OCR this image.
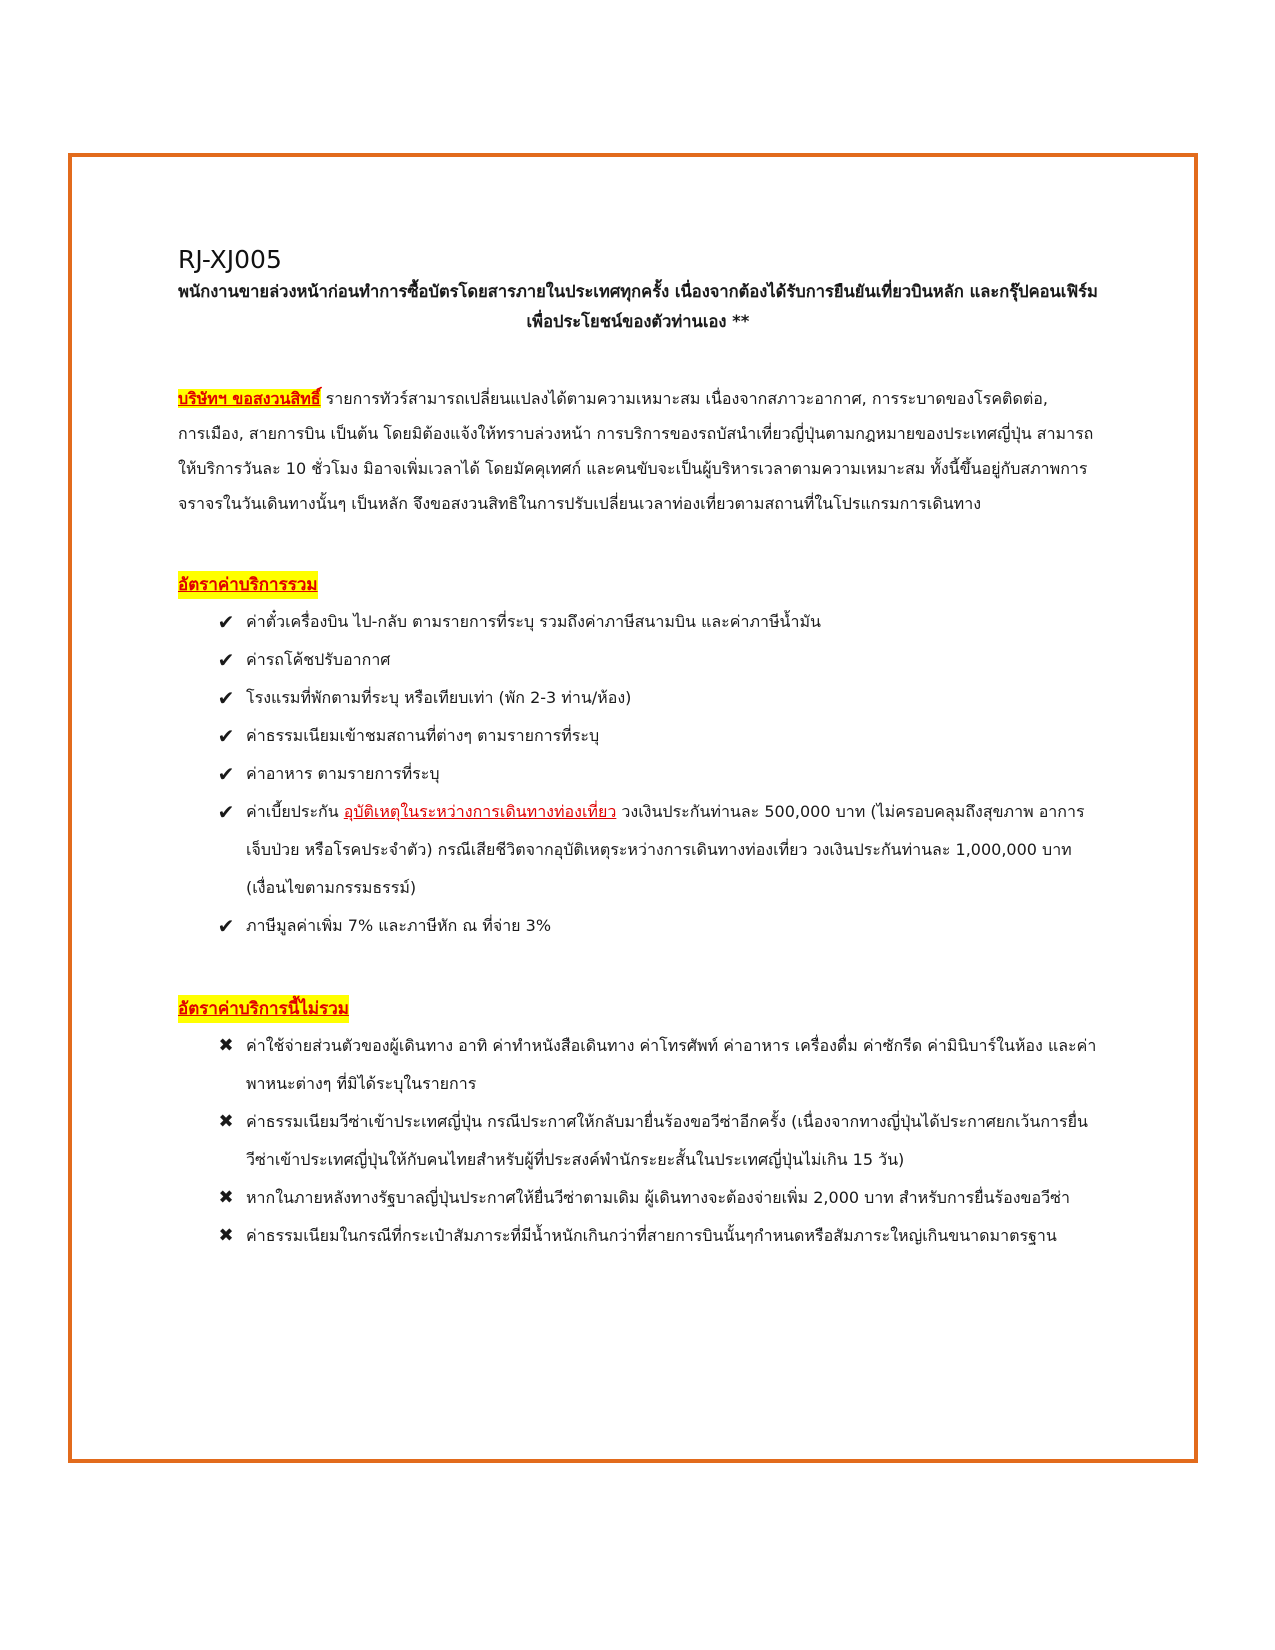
RJ-XJ005

พนักงานขายล่วงหน้าก่อนทำการซื้อบัตรโดยสารภายในประเทศทุกครั้ง เนื่องจากต้องได้รับการยืนยันเที่ยวบินหลัก และกรุ๊ปคอนเฟิร์ม เพื่อประโยชน์ของตัวท่านเอง **

บริษัทฯ ขอสงวนสิทธิ์ รายการทัวร์สามารถเปลี่ยนแปลงได้ตามความเหมาะสม เนื่องจากสภาวะอากาศ, การระบาดของโรคติดต่อ, การเมือง, สายการบิน เป็นต้น โดยมิต้องแจ้งให้ทราบล่วงหน้า การบริการของรถบัสนำเที่ยวญี่ปุ่นตามกฎหมายของประเทศญี่ปุ่น สามารถให้บริการวันละ 10 ชั่วโมง มิอาจเพิ่มเวลาได้ โดยมัคคุเทศก์ และคนขับจะเป็นผู้บริหารเวลาตามความเหมาะสม ทั้งนี้ขึ้นอยู่กับสภาพการจราจรในวันเดินทางนั้นๆ เป็นหลัก จึงขอสงวนสิทธิในการปรับเปลี่ยนเวลาท่องเที่ยวตามสถานที่ในโปรแกรมการเดินทาง

อัตราค่าบริการรวม
✔ ค่าตั๋วเครื่องบิน ไป-กลับ ตามรายการที่ระบุ รวมถึงค่าภาษีสนามบิน และค่าภาษีน้ำมัน
✔ ค่ารถโค้ชปรับอากาศ
✔ โรงแรมที่พักตามที่ระบุ หรือเทียบเท่า (พัก 2-3 ท่าน/ห้อง)
✔ ค่าธรรมเนียมเข้าชมสถานที่ต่างๆ ตามรายการที่ระบุ
✔ ค่าอาหาร ตามรายการที่ระบุ
✔ ค่าเบี้ยประกัน อุบัติเหตุในระหว่างการเดินทางท่องเที่ยว วงเงินประกันท่านละ 500,000 บาท (ไม่ครอบคลุมถึงสุขภาพ อาการเจ็บป่วย หรือโรคประจำตัว) กรณีเสียชีวิตจากอุบัติเหตุระหว่างการเดินทางท่องเที่ยว วงเงินประกันท่านละ 1,000,000 บาท (เงื่อนไขตามกรรมธรรม์)
✔ ภาษีมูลค่าเพิ่ม 7% และภาษีหัก ณ ที่จ่าย 3%
อัตราค่าบริการนี้ไม่รวม
✖ ค่าใช้จ่ายส่วนตัวของผู้เดินทาง อาทิ ค่าทำหนังสือเดินทาง ค่าโทรศัพท์ ค่าอาหาร เครื่องดื่ม ค่าซักรีด ค่ามินิบาร์ในห้อง และค่าพาหนะต่างๆ ที่มิได้ระบุในรายการ
✖ ค่าธรรมเนียมวีซ่าเข้าประเทศญี่ปุ่น กรณีประกาศให้กลับมายื่นร้องขอวีซ่าอีกครั้ง (เนื่องจากทางญี่ปุ่นได้ประกาศยกเว้นการยื่นวีซ่าเข้าประเทศญี่ปุ่นให้กับคนไทยสำหรับผู้ที่ประสงค์พำนักระยะสั้นในประเทศญี่ปุ่นไม่เกิน 15 วัน)
✖ หากในภายหลังทางรัฐบาลญี่ปุ่นประกาศให้ยื่นวีซ่าตามเดิม ผู้เดินทางจะต้องจ่ายเพิ่ม 2,000 บาท สำหรับการยื่นร้องขอวีซ่า
✖ ค่าธรรมเนียมในกรณีที่กระเป๋าสัมภาระที่มีน้ำหนักเกินกว่าที่สายการบินนั้นๆกำหนดหรือสัมภาระใหญ่เกินขนาดมาตรฐาน
